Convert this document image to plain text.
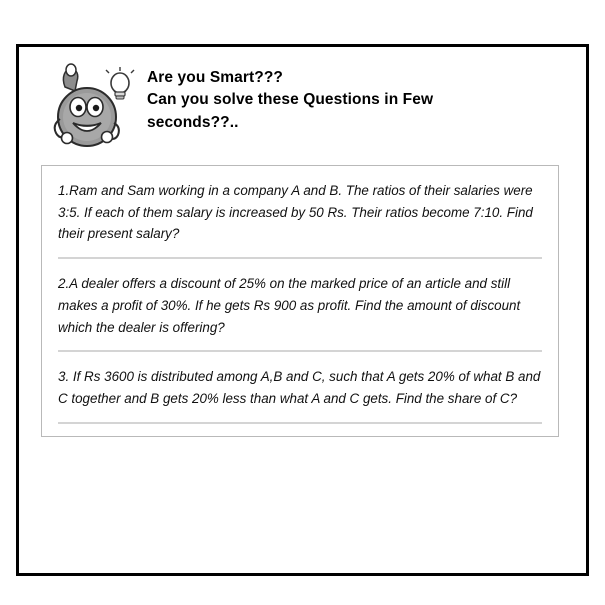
Are you Smart???
Can you solve these Questions in Few
seconds??..
1.Ram and Sam working in a company A and B. The ratios of their salaries were 3:5. If each of them salary is increased by 50 Rs. Their ratios become 7:10. Find their present salary?
2.A dealer offers a discount of 25% on the marked price of an article and still makes a profit of 30%. If he gets Rs 900 as profit. Find the amount of discount which the dealer is offering?
3. If Rs 3600 is distributed among A,B and C, such that A gets 20% of what B and C together and B gets 20% less than what A and C gets. Find the share of C?
